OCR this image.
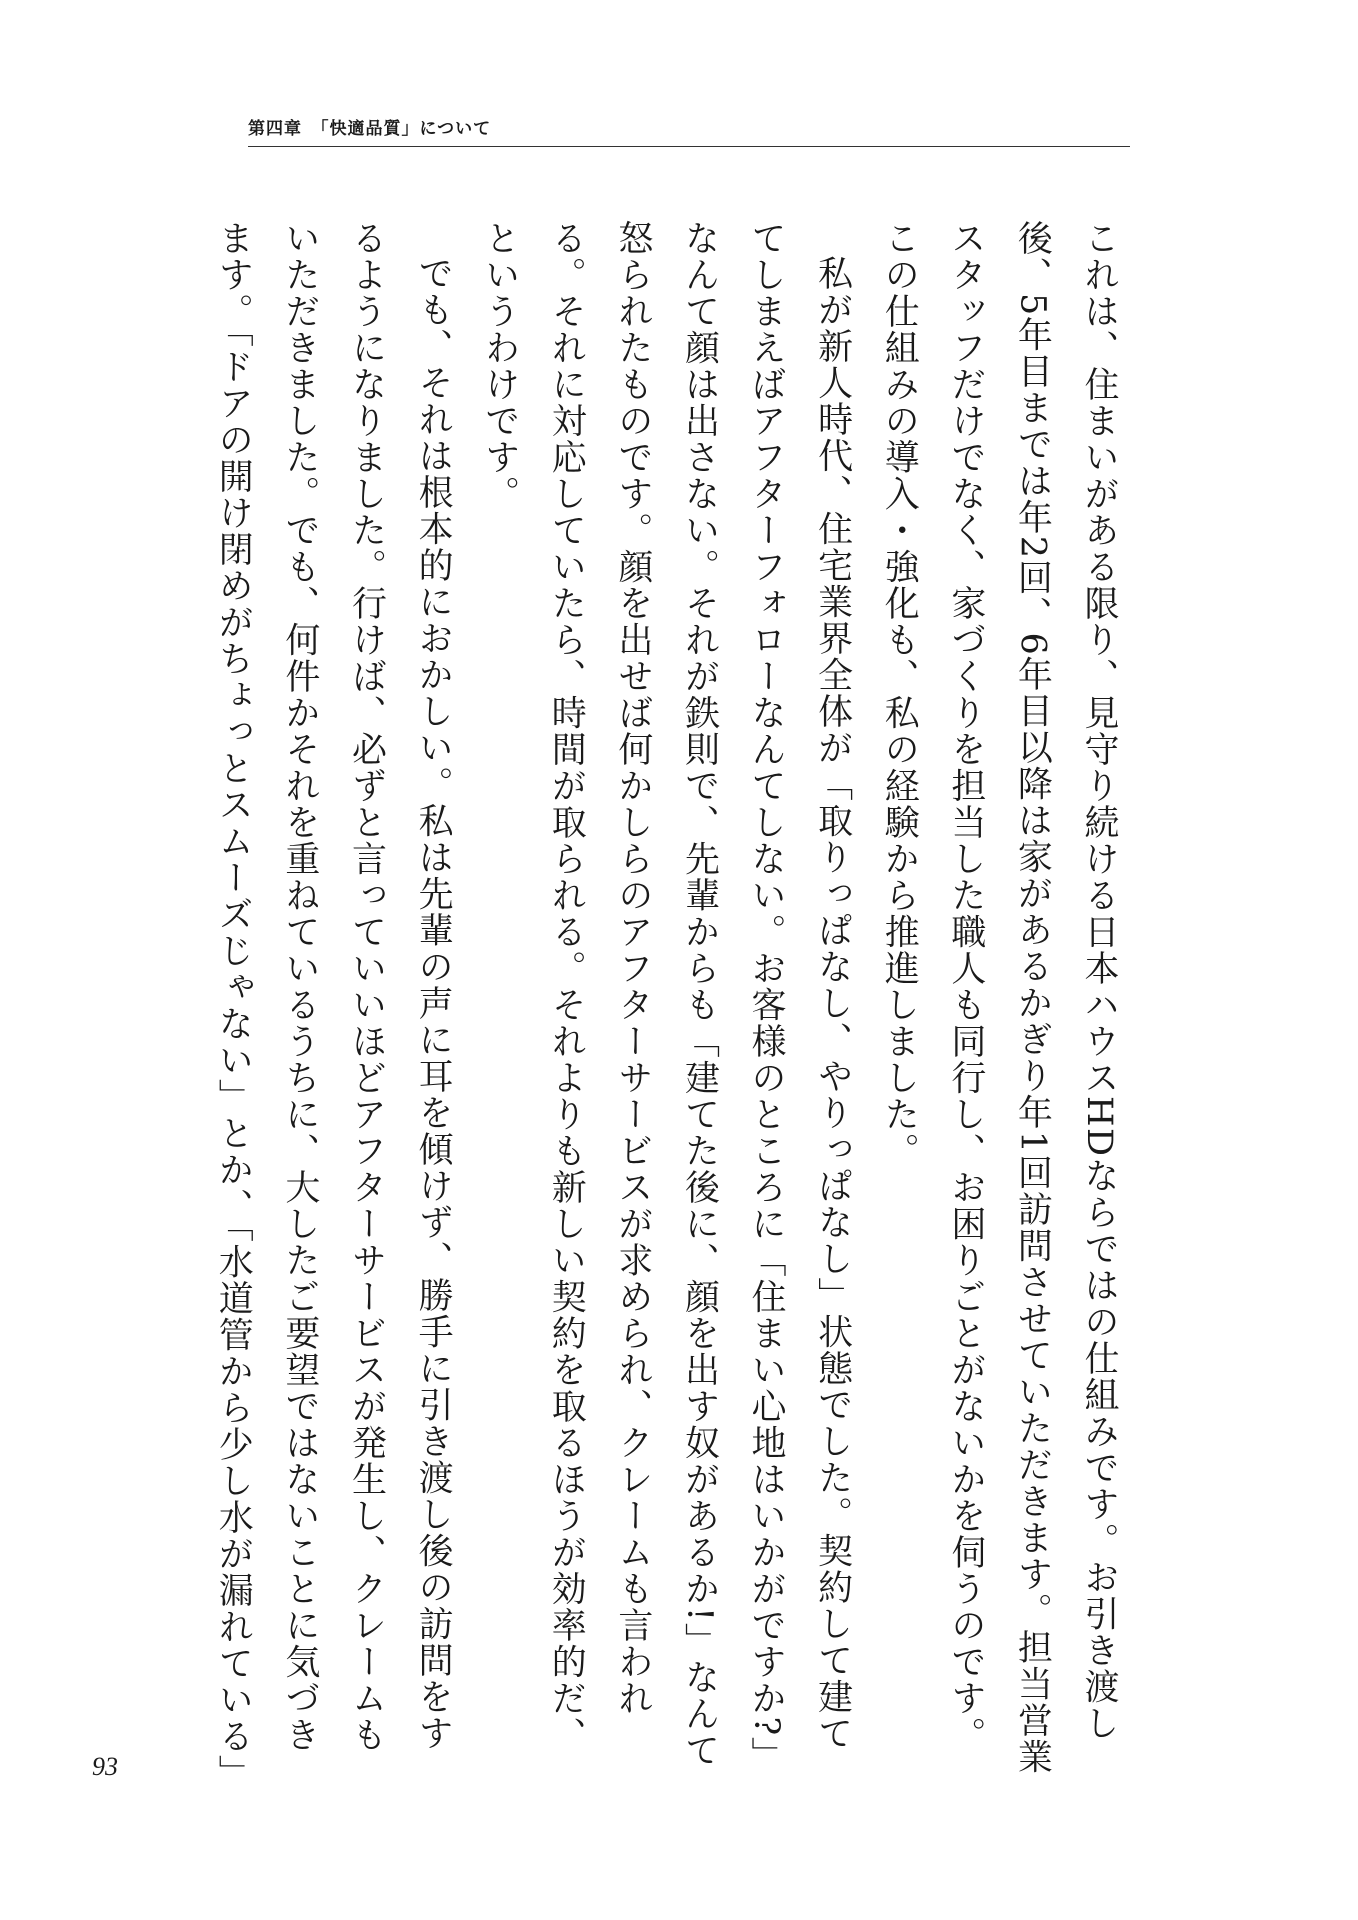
第四章　「快適品質」について

これは、住まいがある限り、見守り続ける日本ハウスHDならではの仕組みです。お引き渡し後、5年目までは年2回、6年目以降は家があるかぎり年1回訪問させていただきます。担当営業スタッフだけでなく、家づくりを担当した職人も同行し、お困りごとがないかを伺うのです。この仕組みの導入・強化も、私の経験から推進しました。

私が新人時代、住宅業界全体が「取りっぱなし、やりっぱなし」状態でした。契約して建ててしまえばアフターフォローなんてしない。お客様のところに「住まい心地はいかがですか?」なんて顔は出さない。それが鉄則で、先輩からも「建てた後に、顔を出す奴があるか!」なんて怒られたものです。顔を出せば何かしらのアフターサービスが求められ、クレームも言われる。それに対応していたら、時間が取られる。それよりも新しい契約を取るほうが効率的だ、というわけです。

でも、それは根本的におかしい。私は先輩の声に耳を傾けず、勝手に引き渡し後の訪問をするようになりました。行けば、必ずと言っていいほどアフターサービスが発生し、クレームもいただきました。でも、何件かそれを重ねているうちに、大したご要望ではないことに気づきます。「ドアの開け閉めがちょっとスムーズじゃない」とか、「水道管から少し水が漏れている」

93
